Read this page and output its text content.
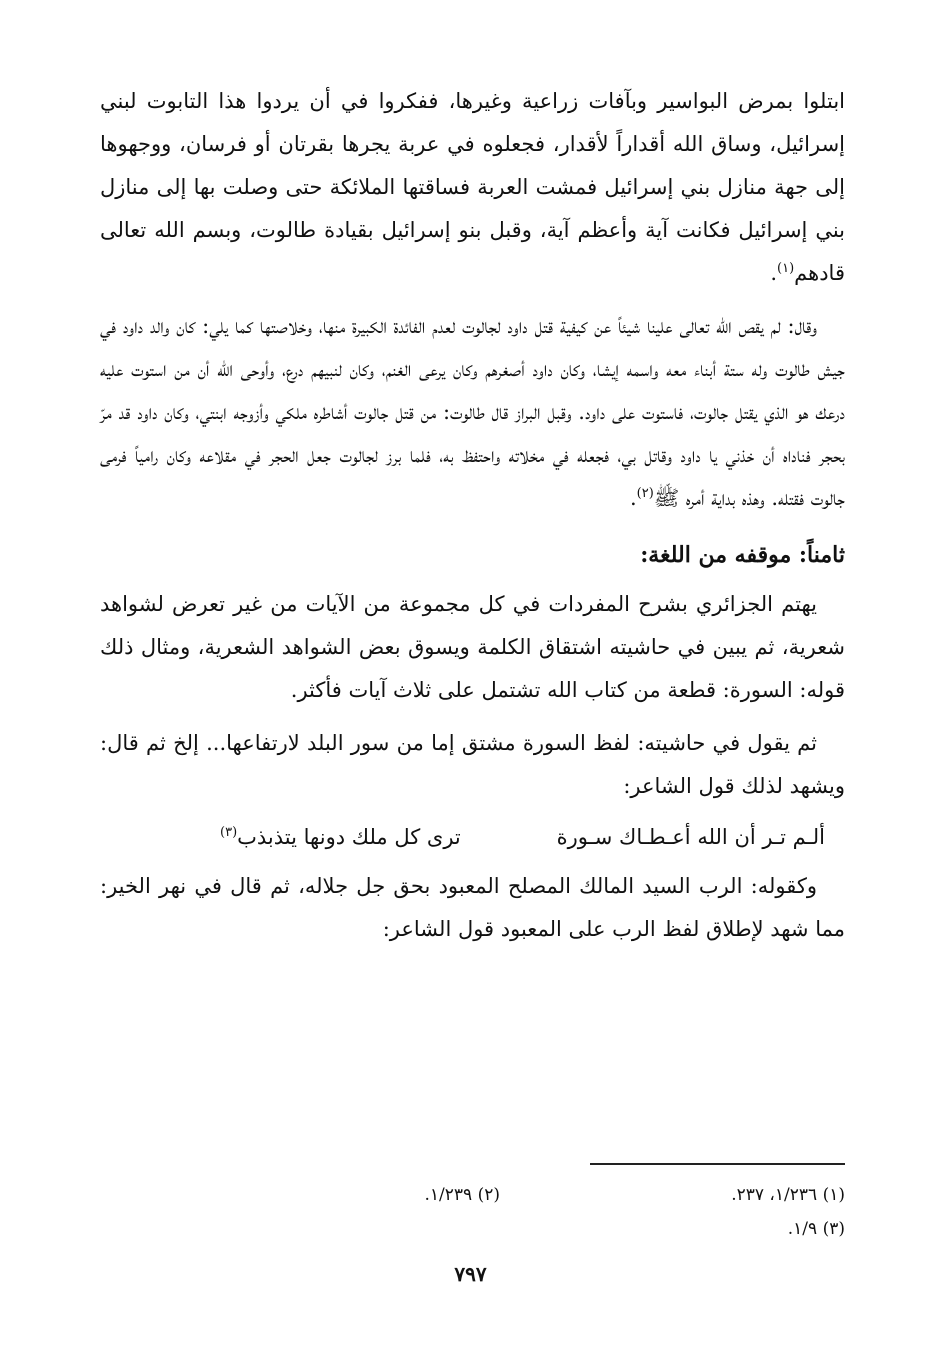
ابتلوا بمرض البواسير وبآفات زراعية وغيرها، ففكروا في أن يردوا هذا التابوت لبني إسرائيل، وساق الله أقداراً لأقدار، فجعلوه في عربة يجرها بقرتان أو فرسان، ووجهوها إلى جهة منازل بني إسرائيل فمشت العربة فساقتها الملائكة حتى وصلت بها إلى منازل بني إسرائيل فكانت آية وأعظم آية، وقبل بنو إسرائيل بقيادة طالوت، وبسم الله تعالى قادهم$^{(١)}$.

وقال: لم يقص الله تعالى علينا شيئاً عن كيفية قتل داود لجالوت لعدم الفائدة الكبيرة منها، وخلاصتها كما يلي: كان والد داود في جيش طالوت وله ستة أبناء معه واسمه إيشا، وكان داود أصغرهم وكان يرعى الغنم، وكان لنبيهم درع، وأوحى الله أن من استوت عليه درعك هو الذي يقتل جالوت، فاستوت على داود. وقبل البراز قال طالوت: من قتل جالوت أشاطره ملكي وأزوجه ابنتي، وكان داود قد مرّ بحجر فناداه أن خذني يا داود وقاتل بي، فجعله في مخلاته واحتفظ به، فلما برز لجالوت جعل الحجر في مقلاعه وكان رامياً فرمى جالوت فقتله. وهذه بداية أمره ﷺ$^{(٢)}$.

ثامناً: موقفه من اللغة:

يهتم الجزائري بشرح المفردات في كل مجموعة من الآيات من غير تعرض لشواهد شعرية، ثم يبين في حاشيته اشتقاق الكلمة ويسوق بعض الشواهد الشعرية، ومثال ذلك قوله: السورة: قطعة من كتاب الله تشتمل على ثلاث آيات فأكثر.

ثم يقول في حاشيته: لفظ السورة مشتق إما من سور البلد لارتفاعها... إلخ ثم قال: ويشهد لذلك قول الشاعر:

ألـم تـر أن الله أعـطـاك سـورة
ترى كل ملك دونها يتذبذب$^{(٣)}$

وكقوله: الرب السيد المالك المصلح المعبود بحق جل جلاله، ثم قال في نهر الخير: مما شهد لإطلاق لفظ الرب على المعبود قول الشاعر:

(١) ١/٢٣٦، ٢٣٧.
(٢) ١/٢٣٩.
(٣) ١/٩.
٧٩٧
